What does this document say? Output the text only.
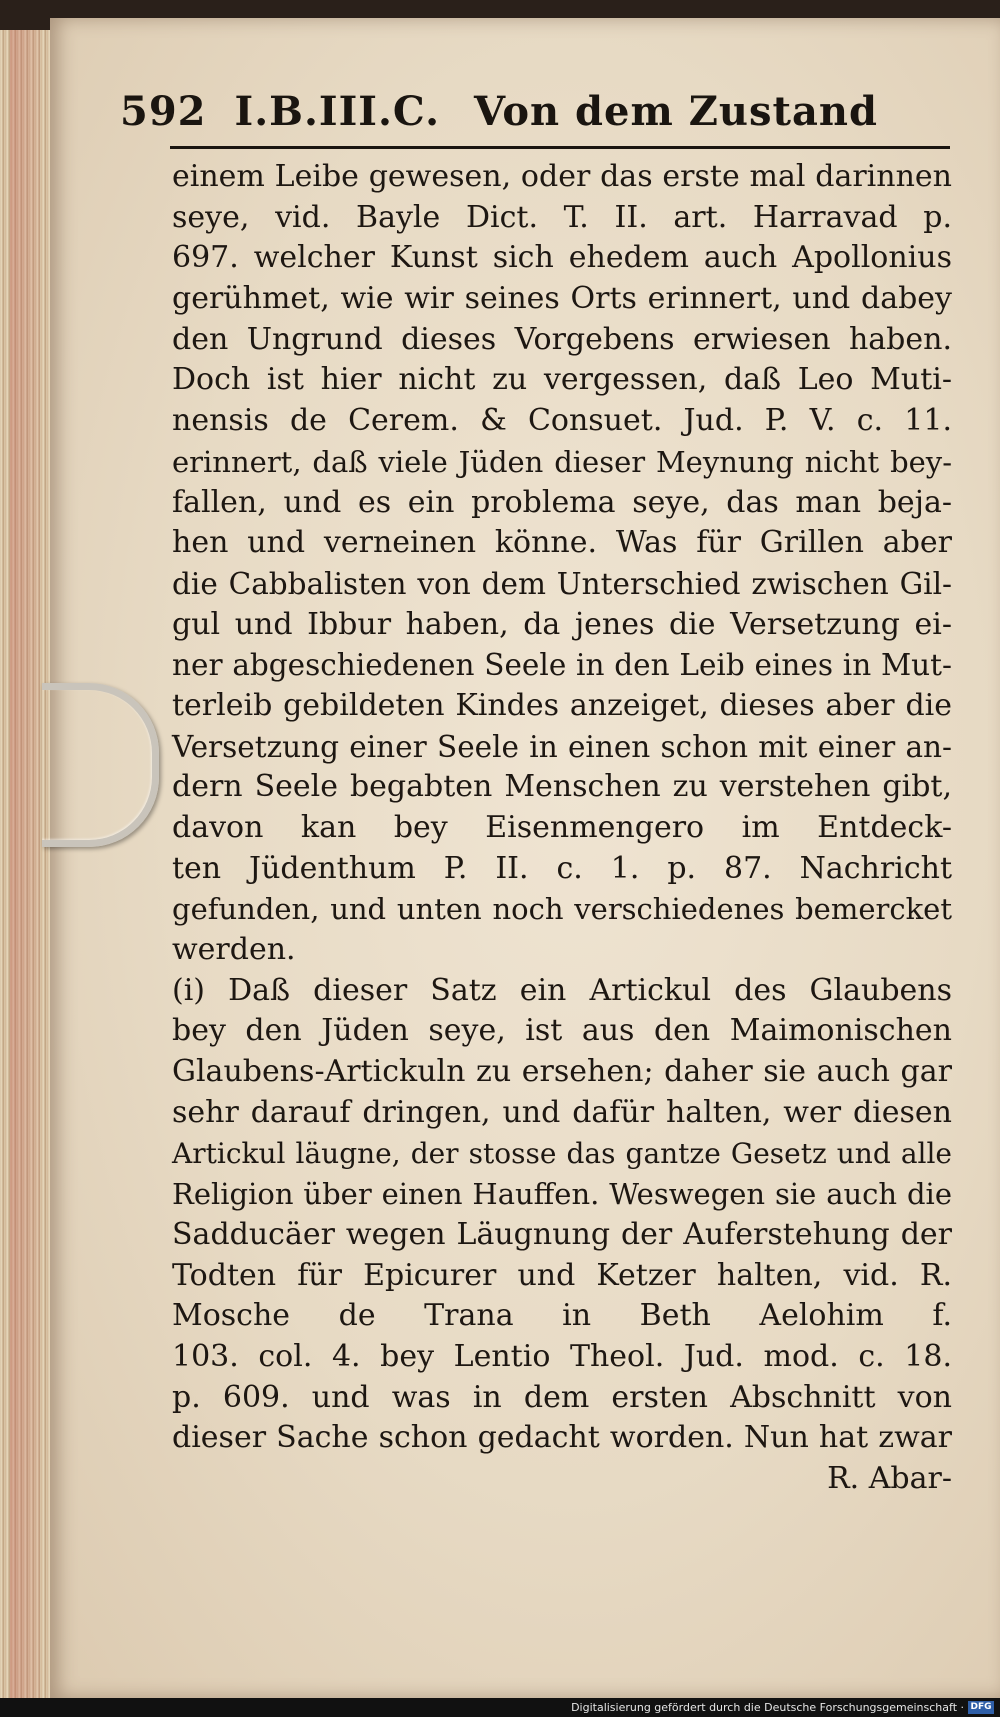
592 I.B.III.C. Von dem Zustand
einem Leibe gewesen, oder das erste mal darinnen
seye, vid. Bayle Dict. T. II. art. Harravad p.
697. welcher Kunst sich ehedem auch Apollonius
gerühmet, wie wir seines Orts erinnert, und dabey
den Ungrund dieses Vorgebens erwiesen haben.
Doch ist hier nicht zu vergessen, daß Leo Muti-
nensis de Cerem. & Consuet. Jud. P. V. c. 11.
erinnert, daß viele Jüden dieser Meynung nicht bey-
fallen, und es ein problema seye, das man beja-
hen und verneinen könne. Was für Grillen aber
die Cabbalisten von dem Unterschied zwischen Gil-
gul und Ibbur haben, da jenes die Versetzung ei-
ner abgeschiedenen Seele in den Leib eines in Mut-
terleib gebildeten Kindes anzeiget, dieses aber die
Versetzung einer Seele in einen schon mit einer an-
dern Seele begabten Menschen zu verstehen gibt,
davon kan bey Eisenmengero im Entdeck-
ten Jüdenthum P. II. c. 1. p. 87. Nachricht
gefunden, und unten noch verschiedenes bemercket
werden.
(i) Daß dieser Satz ein Artickul des Glaubens
bey den Jüden seye, ist aus den Maimonischen
Glaubens-Artickuln zu ersehen; daher sie auch gar
sehr darauf dringen, und dafür halten, wer diesen
Artickul läugne, der stosse das gantze Gesetz und alle
Religion über einen Hauffen. Weswegen sie auch die
Sadducäer wegen Läugnung der Auferstehung der
Todten für Epicurer und Ketzer halten, vid. R.
Mosche de Trana in Beth Aelohim f.
103. col. 4. bey Lentio Theol. Jud. mod. c. 18.
p. 609. und was in dem ersten Abschnitt von
dieser Sache schon gedacht worden. Nun hat zwar
R. Abar-
Digitalisierung gefördert durch die Deutsche Forschungsgemeinschaft · DFG
